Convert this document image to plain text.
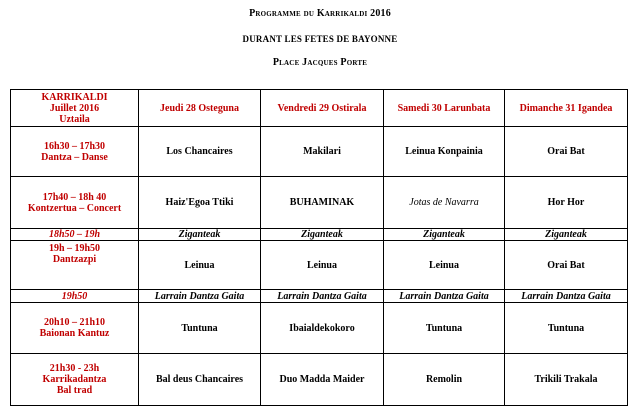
Programme du Karrikaldi 2016
DURANT LES FETES DE BAYONNE
Place Jacques Porte
KARRIKALDI
Juillet 2016
Uztaila	Jeudi 28 Osteguna	Vendredi 29 Ostirala	Samedi 30 Larunbata	Dimanche 31 Igandea

16h30 – 17h30
Dantza – Danse	Los Chancaires	Makilari	Leinua Konpainia	Orai Bat

17h40 – 18h 40
Kontzertua – Concert	Haiz'Egoa Ttiki	BUHAMINAK	Jotas de Navarra	Hor Hor

18h50 – 19h	Ziganteak	Ziganteak	Ziganteak	Ziganteak

19h – 19h50
Dantzazpi	Leinua	Leinua	Leinua	Orai Bat

19h50	Larrain Dantza Gaita	Larrain Dantza Gaita	Larrain Dantza Gaita	Larrain Dantza Gaita

20h10 – 21h10
Baionan Kantuz	Tuntuna	Ibaialdekokoro	Tuntuna	Tuntuna

21h30 - 23h
Karrikadantza
Bal trad	Bal deus Chancaires	Duo Madda Maider	Remolin	Trikili Trakala
